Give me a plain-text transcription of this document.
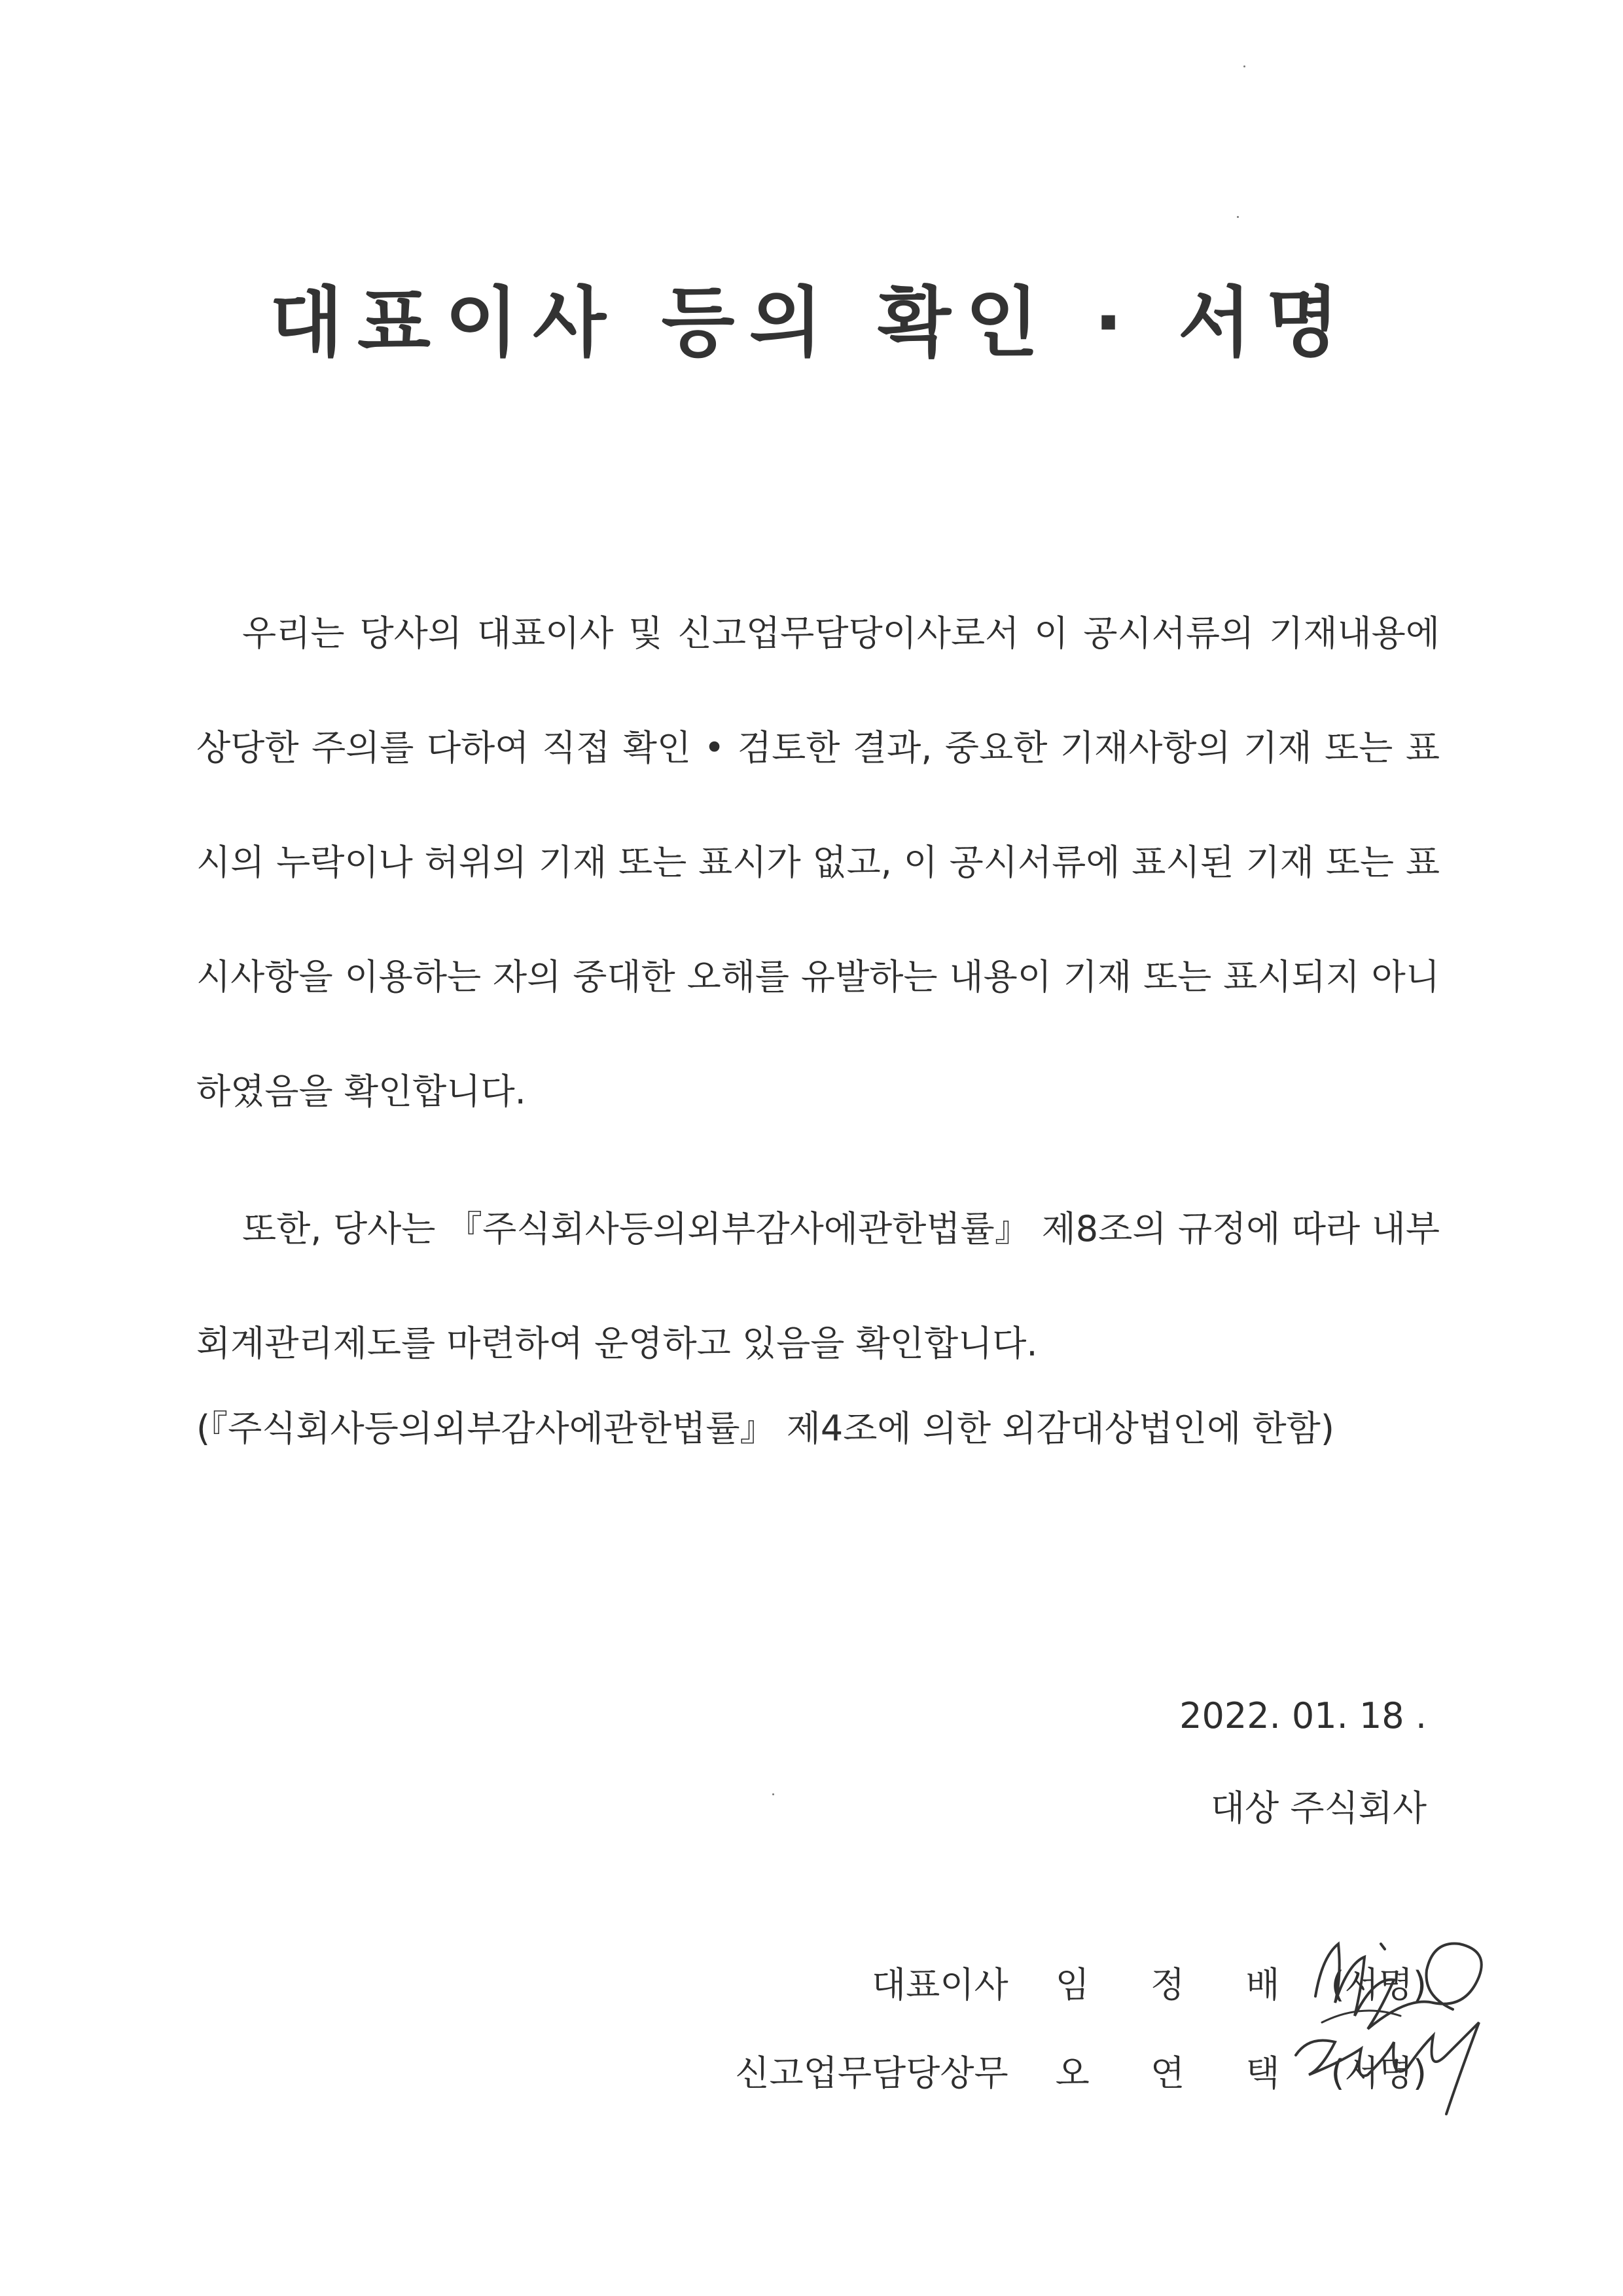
대표이사 등의 확인 · 서명
우리는 당사의 대표이사 및 신고업무담당이사로서 이 공시서류의 기재내용에 상당한 주의를 다하여 직접 확인 • 검토한 결과, 중요한 기재사항의 기재 또는 표시의 누락이나 허위의 기재 또는 표시가 없고, 이 공시서류에 표시된 기재 또는 표시사항을 이용하는 자의 중대한 오해를 유발하는 내용이 기재 또는 표시되지 아니하였음을 확인합니다.
또한, 당사는 『주식회사등의외부감사에관한법률』 제8조의 규정에 따라 내부회계관리제도를 마련하여 운영하고 있음을 확인합니다.
(『주식회사등의외부감사에관한법률』 제4조에 의한 외감대상법인에 한함)
2022. 01. 18 .
대상 주식회사
대표이사	임 정 배	(서명)
신고업무담당상무	오 연 택	(서명)
